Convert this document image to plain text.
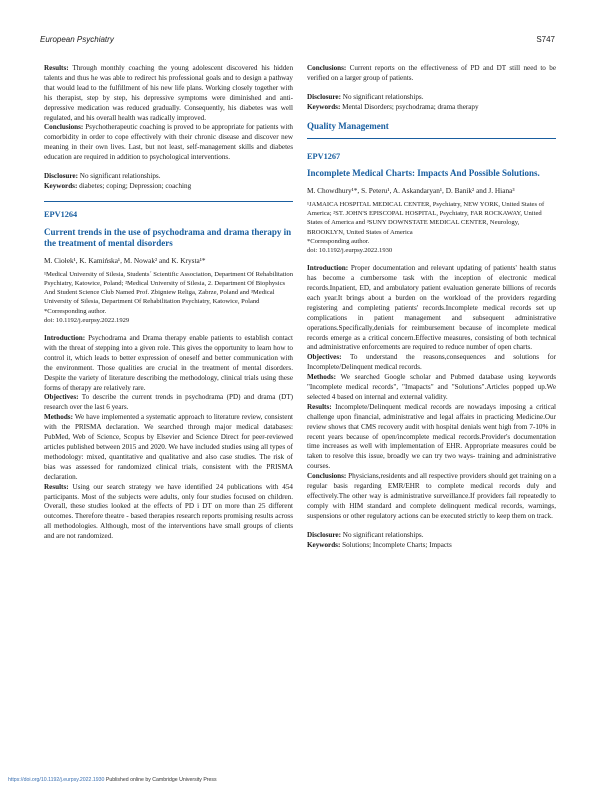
European Psychiatry	S747

Results: Through monthly coaching the young adolescent discovered his hidden talents and thus he was able to redirect his professional goals and to design a pathway that would lead to the fulfillment of his new life plans. Working closely together with his therapist, step by step, his depressive symptoms were diminished and anti-depressive medication was reduced gradually. Consequently, his diabetes was well regulated, and his overall health was radically improved.

Conclusions: Psychotherapeutic coaching is proved to be appropriate for patients with comorbidity in order to cope effectively with their chronic disease and discover new meaning in their own lives. Last, but not least, self-management skills and diabetes education are required in addition to psychological interventions.

Disclosure: No significant relationships.

Keywords: diabetes; coping; Depression; coaching

EPV1264
Current trends in the use of psychodrama and drama therapy in the treatment of mental disorders
M. Ciołek¹, K. Kamińska¹, M. Nowak² and K. Krysta¹*
¹Medical University of Silesia, Students´ Scientific Association, Department Of Rehabilitation Psychiatry, Katowice, Poland; ²Medical University of Silesia, 2. Department Of Biophysics And Student Science Club Named Prof. Zbigniew Religa, Zabrze, Poland and ³Medical University of Silesia, Department Of Rehabilitation Psychiatry, Katowice, Poland
*Corresponding author.
doi: 10.1192/j.eurpsy.2022.1929

Introduction: Psychodrama and Drama therapy enable patients to establish contact with the threat of stepping into a given role. This gives the opportunity to learn how to control it, which leads to better expression of oneself and better communication with the environment. Those qualities are crucial in the treatment of mental disorders. Despite the variety of literature describing the methodology, clinical trials using these forms of therapy are relatively rare.

Objectives: To describe the current trends in psychodrama (PD) and drama (DT) research over the last 6 years.

Methods: We have implemented a systematic approach to literature review, consistent with the PRISMA declaration. We searched through major medical databases: PubMed, Web of Science, Scopus by Elsevier and Science Direct for peer-reviewed articles published between 2015 and 2020. We have included studies using all types of methodology: mixed, quantitative and qualitative and also case studies. The risk of bias was assessed for randomized clinical trials, consistent with the PRISMA declaration.

Results: Using our search strategy we have identified 24 publications with 454 participants. Most of the subjects were adults, only four studies focused on children. Overall, these studies looked at the effects of PD i DT on more than 25 different outcomes. Therefore theatre - based therapies research reports promising results across all methodologies. Although, most of the interventions have small groups of clients and are not randomized.

Conclusions: Current reports on the effectiveness of PD and DT still need to be verified on a larger group of patients.

Disclosure: No significant relationships.

Keywords: Mental Disorders; psychodrama; drama therapy

Quality Management
EPV1267
Incomplete Medical Charts: Impacts And Possible Solutions.
M. Chowdhury¹*, S. Peteru¹, A. Askandaryan¹, D. Banik² and J. Hiana³
¹JAMAICA HOSPITAL MEDICAL CENTER, Psychiatry, NEW YORK, United States of America; ²ST. JOHN'S EPISCOPAL HOSPITAL, Psychiatry, FAR ROCKAWAY, United States of America and ³SUNY DOWNSTATE MEDICAL CENTER, Neurology, BROOKLYN, United States of America
*Corresponding author.
doi: 10.1192/j.eurpsy.2022.1930

Introduction: Proper documentation and relevant updating of patients' health status has become a cumbersome task with the inception of electronic medical records.Inpatient, ED, and ambulatory patient evaluation generate billions of records each year.It brings about a burden on the workload of the providers regarding registering and completing patients' records.Incomplete medical records set up complications in patient management and subsequent administrative operations.Specifically,denials for reimbursement because of incomplete medical records emerge as a critical concern.Effective measures, consisting of both technical and administrative enforcements are required to reduce number of open charts.

Objectives: To understand the reasons,consequences and solutions for Incomplete/Delinquent medical records.

Methods: We searched Google scholar and Pubmed database using keywords "Incomplete medical records", "Imapacts" and "Solutions".Articles popped up.We selected 4 based on internal and external validity.

Results: Incomplete/Delinquent medical records are nowadays imposing a critical challenge upon financial, administrative and legal affairs in practicing Medicine.Our review shows that CMS recovery audit with hospital denials went high from 7-10% in recent years because of open/incomplete medical records.Provider's documentation time increases as well with implementation of EHR. Appropriate measures could be taken to resolve this issue, broadly we can try two ways- training and administrative courses.

Conclusions: Physicians,residents and all respective providers should get training on a regular basis regarding EMR/EHR to complete medical records duly and effectively.The other way is administrative surveillance.If providers fail repeatedly to comply with HIM standard and complete delinquent medical records, warnings, suspensions or other regulatory actions can be executed strictly to keep them on track.

Disclosure: No significant relationships.

Keywords: Solutions; Incomplete Charts; Impacts

https://doi.org/10.1192/j.eurpsy.2022.1930 Published online by Cambridge University Press
